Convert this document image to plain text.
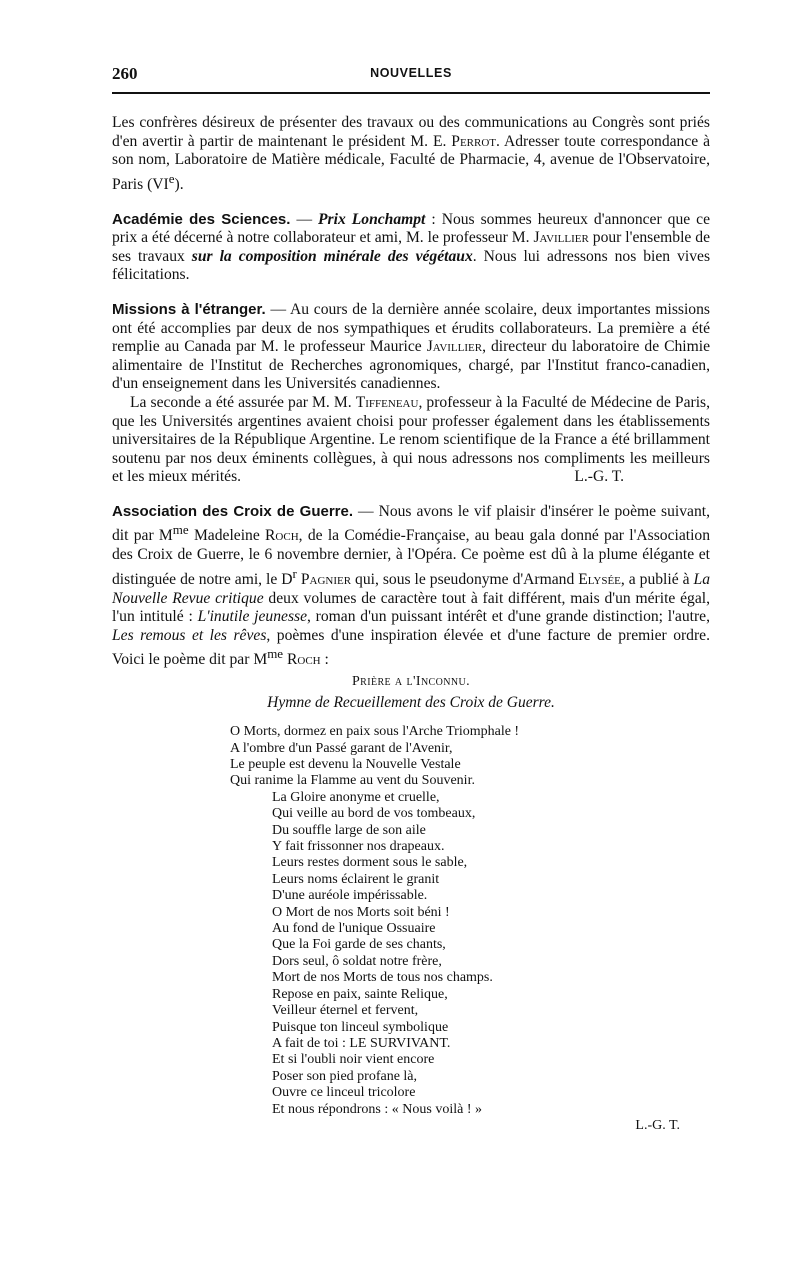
260	NOUVELLES

Les confrères désireux de présenter des travaux ou des communications au Congrès sont priés d'en avertir à partir de maintenant le président M. E. Perrot. Adresser toute correspondance à son nom, Laboratoire de Matière médicale, Faculté de Pharmacie, 4, avenue de l'Observatoire, Paris (VIe).

Académie des Sciences. — Prix Lonchampt : Nous sommes heureux d'annoncer que ce prix a été décerné à notre collaborateur et ami, M. le professeur M. Javillier pour l'ensemble de ses travaux sur la composition minérale des végétaux. Nous lui adressons nos bien vives félicitations.

Missions à l'étranger. — Au cours de la dernière année scolaire, deux importantes missions ont été accomplies par deux de nos sympathiques et érudits collaborateurs. La première a été remplie au Canada par M. le professeur Maurice Javillier, directeur du laboratoire de Chimie alimentaire de l'Institut de Recherches agronomiques, chargé, par l'Institut franco-canadien, d'un enseignement dans les Universités canadiennes.

La seconde a été assurée par M. M. Tiffeneau, professeur à la Faculté de Médecine de Paris, que les Universités argentines avaient choisi pour professer également dans les établissements universitaires de la République Argentine. Le renom scientifique de la France a été brillamment soutenu par nos deux éminents collègues, à qui nous adressons nos compliments les meilleurs et les mieux mérités.	L.-G. T.

Association des Croix de Guerre. — Nous avons le vif plaisir d'insérer le poème suivant, dit par $M^{me}$ Madeleine Roch, de la Comédie-Française, au beau gala donné par l'Association des Croix de Guerre, le 6 novembre dernier, à l'Opéra. Ce poème est dû à la plume élégante et distinguée de notre ami, le $D^r$ Pagnier qui, sous le pseudonyme d'Armand Elysée, a publié à La Nouvelle Revue critique deux volumes de caractère tout à fait différent, mais d'un mérite égal, l'un intitulé : L'inutile jeunesse, roman d'un puissant intérêt et d'une grande distinction; l'autre, Les remous et les rêves, poèmes d'une inspiration élevée et d'une facture de premier ordre. Voici le poème dit par $M^{me}$ Roch :

Prière a l'Inconnu.
Hymne de Recueillement des Croix de Guerre.
O Morts, dormez en paix sous l'Arche Triomphale !
A l'ombre d'un Passé garant de l'Avenir,
Le peuple est devenu la Nouvelle Vestale
Qui ranime la Flamme au vent du Souvenir.
La Gloire anonyme et cruelle,
Qui veille au bord de vos tombeaux,
Du souffle large de son aile
Y fait frissonner nos drapeaux.
Leurs restes dorment sous le sable,
Leurs noms éclairent le granit
D'une auréole impérissable.
O Mort de nos Morts soit béni !
Au fond de l'unique Ossuaire
Que la Foi garde de ses chants,
Dors seul, ô soldat notre frère,
Mort de nos Morts de tous nos champs.
Repose en paix, sainte Relique,
Veilleur éternel et fervent,
Puisque ton linceul symbolique
A fait de toi : LE SURVIVANT.
Et si l'oubli noir vient encore
Poser son pied profane là,
Ouvre ce linceul tricolore
Et nous répondrons : « Nous voilà ! »
L.-G. T.
